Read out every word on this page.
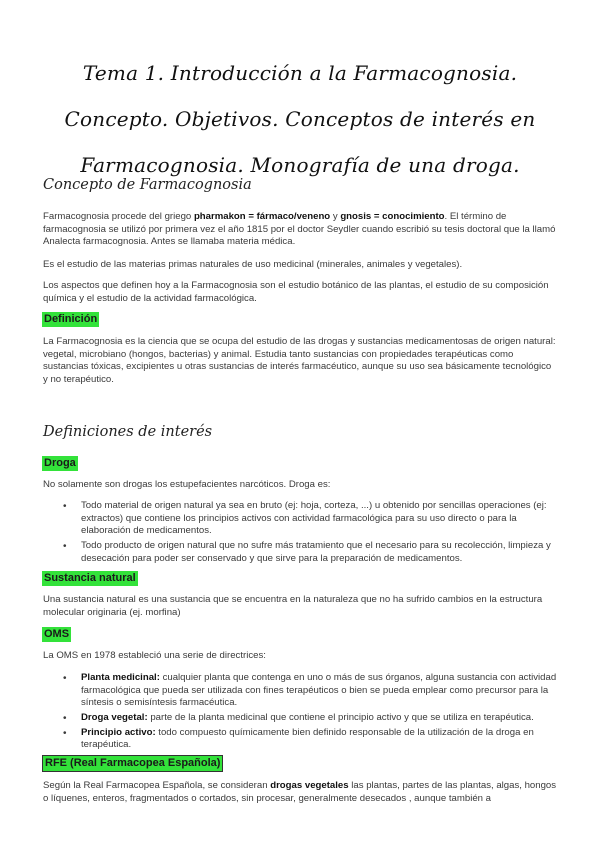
Tema 1. Introducción a la Farmacognosia. Concepto. Objetivos. Conceptos de interés en Farmacognosia. Monografía de una droga.
Concepto de Farmacognosia

Farmacognosia procede del griego pharmakon = fármaco/veneno y gnosis = conocimiento. El término de farmacognosia se utilizó por primera vez el año 1815 por el doctor Seydler cuando escribió su tesis doctoral que la llamó Analecta farmacognosia. Antes se llamaba materia médica.

Es el estudio de las materias primas naturales de uso medicinal (minerales, animales y vegetales).

Los aspectos que definen hoy a la Farmacognosia son el estudio botánico de las plantas, el estudio de su composición química y el estudio de la actividad farmacológica.

Definición

La Farmacognosia es la ciencia que se ocupa del estudio de las drogas y sustancias medicamentosas de origen natural: vegetal, microbiano (hongos, bacterias) y animal. Estudia tanto sustancias con propiedades terapéuticas como sustancias tóxicas, excipientes u otras sustancias de interés farmacéutico, aunque su uso sea básicamente tecnológico y no terapéutico.

Definiciones de interés

Droga

No solamente son drogas los estupefacientes narcóticos. Droga es:

• Todo material de origen natural ya sea en bruto (ej: hoja, corteza, ...) u obtenido por sencillas operaciones (ej: extractos) que contiene los principios activos con actividad farmacológica para su uso directo o para la elaboración de medicamentos.
• Todo producto de origen natural que no sufre más tratamiento que el necesario para su recolección, limpieza y desecación para poder ser conservado y que sirve para la preparación de medicamentos.

Sustancia natural

Una sustancia natural es una sustancia que se encuentra en la naturaleza que no ha sufrido cambios en la estructura molecular originaria (ej. morfina)

OMS

La OMS en 1978 estableció una serie de directrices:

• Planta medicinal: cualquier planta que contenga en uno o más de sus órganos, alguna sustancia con actividad farmacológica que pueda ser utilizada con fines terapéuticos o bien se pueda emplear como precursor para la síntesis o semisíntesis farmacéutica.
• Droga vegetal: parte de la planta medicinal que contiene el principio activo y que se utiliza en terapéutica.
• Principio activo: todo compuesto químicamente bien definido responsable de la utilización de la droga en terapéutica.

RFE (Real Farmacopea Española)

Según la Real Farmacopea Española, se consideran drogas vegetales las plantas, partes de las plantas, algas, hongos o líquenes, enteros, fragmentados o cortados, sin procesar, generalmente desecados , aunque también a
